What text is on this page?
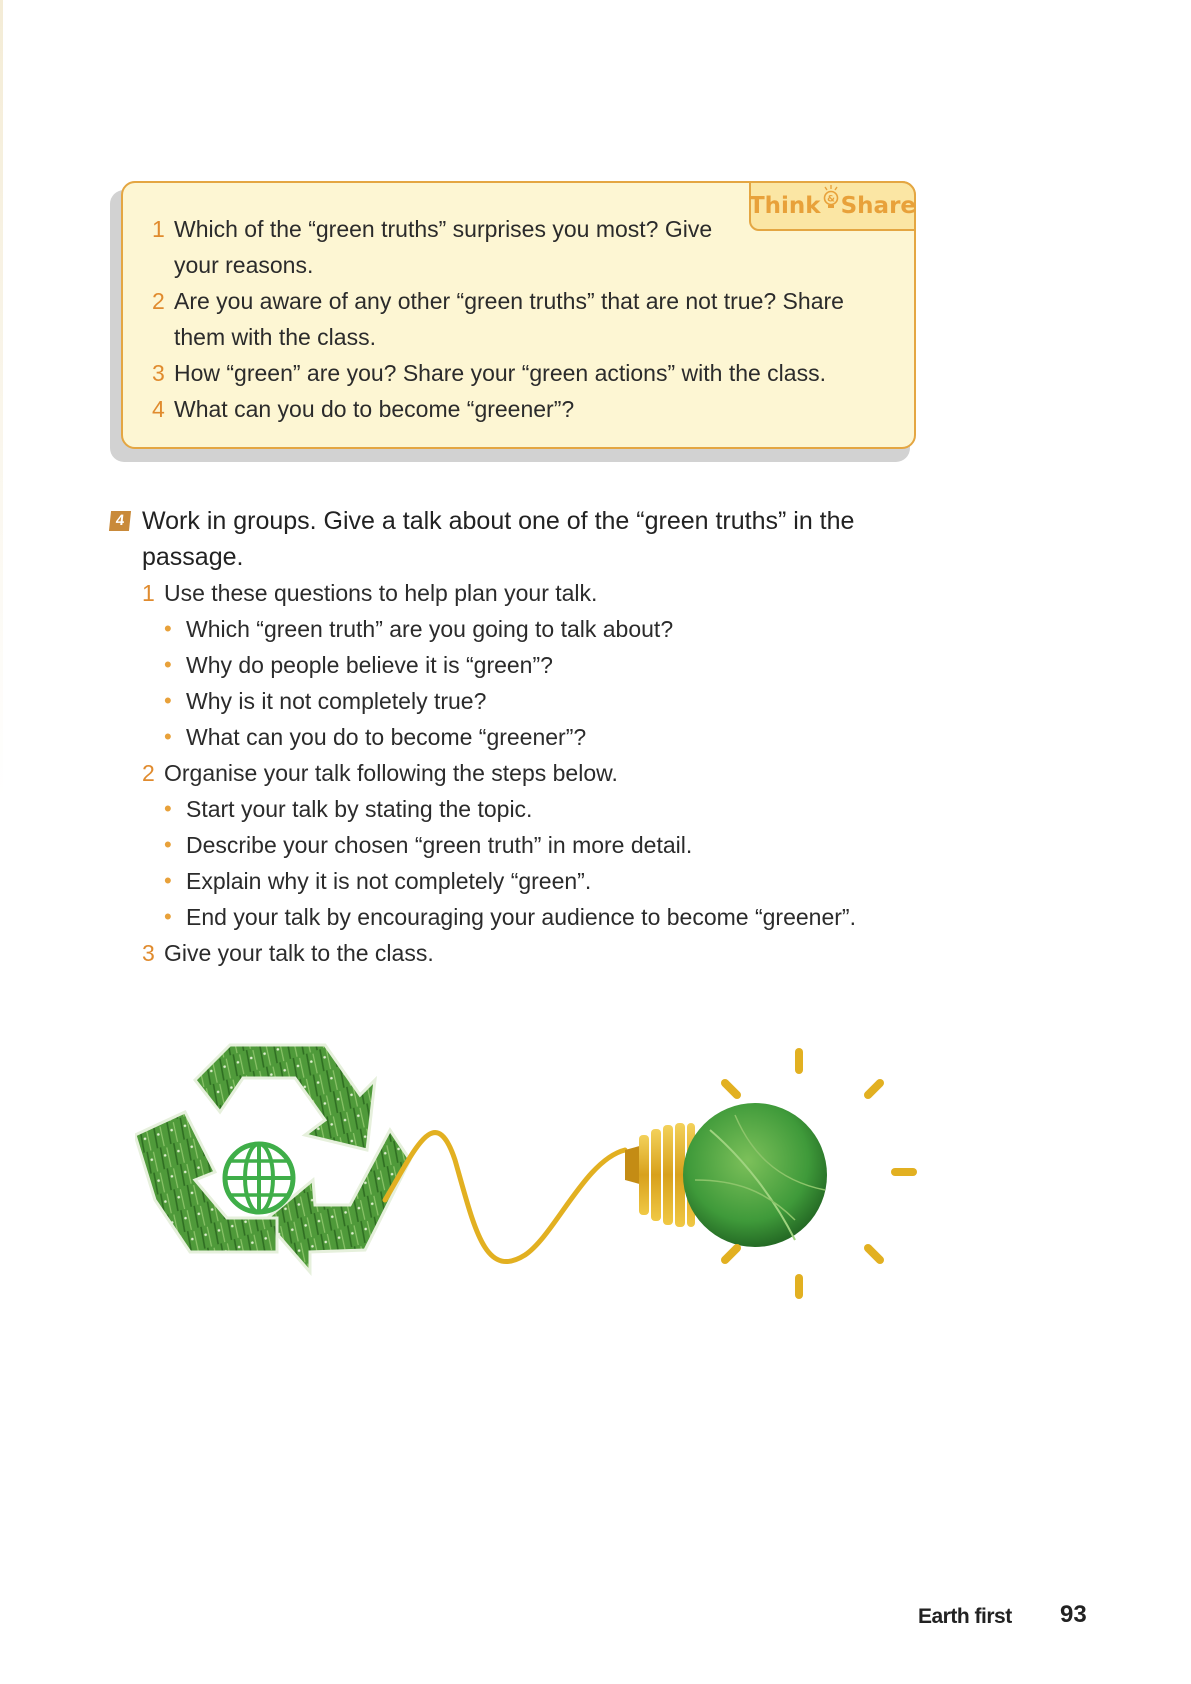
Think & Share
1 Which of the “green truths” surprises you most? Give your reasons.
2 Are you aware of any other “green truths” that are not true? Share them with the class.
3 How “green” are you? Share your “green actions” with the class.
4 What can you do to become “greener”?
4 Work in groups. Give a talk about one of the “green truths” in the passage.
1 Use these questions to help plan your talk.
• Which “green truth” are you going to talk about?
• Why do people believe it is “green”?
• Why is it not completely true?
• What can you do to become “greener”?
2 Organise your talk following the steps below.
• Start your talk by stating the topic.
• Describe your chosen “green truth” in more detail.
• Explain why it is not completely “green”.
• End your talk by encouraging your audience to become “greener”.
3 Give your talk to the class.
Earth first 93
